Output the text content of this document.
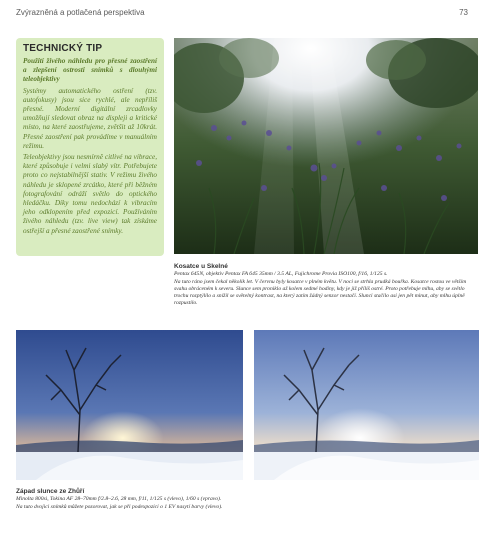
Zvýrazněná a potlačená perspektiva	73
TECHNICKÝ TIP

Použití živého náhledu pro přesné zaostření a zlepšení ostrosti snímků s dlouhými teleobjektivy

Systémy automatického ostření (tzv. autofokusy) jsou sice rychlé, ale nepříliš přesné. Moderní digitální zrcadlovky umožňují sledovat obraz na displeji a kritické místo, na které zaostřujeme, zvětšit až 10krát. Přesné zaostření pak provádíme v manuálním režimu.

Teleobjektivy jsou nesmírně citlivé na vibrace, které způsobuje i velmi slabý vítr. Potřebujete proto co nejstabilnější stativ. V režimu živého náhledu je sklopené zrcátko, které při běžném fotografování odráží světlo do optického hledáčku. Díky tomu nedochází k vibracím jeho odklopením před expozicí. Používáním živého náhledu (tzv. live view) tak získáme ostřejší a přesné zaostřené snímky.

Kosatce u Skelné
Pentax 645N, objektiv Pentax FA 645 35mm / 3.5 AL, Fujichrome Provia ISO100, f/16, 1/125 s.
Na tuto ráno jsem čekal několik let. V červnu byly kosatce v plném květu. V noci se strhla prudká bouřka. Kosatce rostou ve větším svahu obráceném k severu. Slunce sem proniklo až kolem sedmé hodiny, kdy je již příliš ostré. Proto potřebuje mlhu, aby se světlo trochu rozptýlilo a snížil se světelný kontrast, na který zatím žádný senzor nestačí. Slunci stačilo asi jen pět minut, aby mlhu úplně rozpustilo.
Západ slunce ze Zhůří
Minolta 800si, Tokina AF 28–70mm f/2.8–2.6, 28 mm, f/11, 1/125 s (vlevo), 1/60 s (vpravo).
Na tuto dvojici snímků můžete pozorovat, jak se při podexpozici o 1 EV nasytí barvy (vlevo).
